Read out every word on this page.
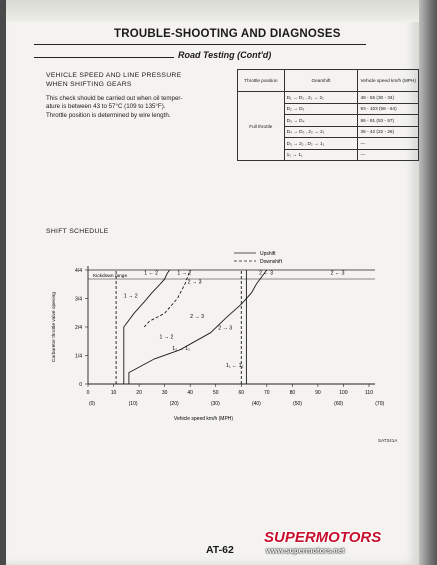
TROUBLE-SHOOTING AND DIAGNOSES
Road Testing (Cont'd)
VEHICLE SPEED AND LINE PRESSURE
WHEN SHIFTING GEARS
This check should be carried out when oil temper-
ature is between 43 to 57°C (109 to 135°F).
Throttle position is determined by wire length.
Throttle position	Gearshift	Vehicle speed km/h (MPH)
Full throttle	D₁ → D₂ , 2₁ → 2₂	48 - 55 (30 - 34)
	D₂ → D₃	93 - 103 (58 - 64)
	D₃ → D₄	86 - 91 (53 - 57)
	D₄ → D₃ , 2₂ → 2₁	36 - 42 (22 - 26)
	D₃ → 2₂ , D₂ → 1₁	—
	1₂ → 1₁	—
SHIFT SCHEDULE
Kickdown range
0	10	20	30	40	50	60	70	80	90	100	110
(0)	(10)	(20)	(30)	(40)	(50)	(60)	(70)
0
1/4
2/4
3/4
4/4
Vehicle speed km/h (MPH)
Carburetor throttle valve opening
Upshift
Downshift
1 → 2
2 → 3
1₂ → 1₁
1 → 2
2 ← 3
2 → 3
2 → 3
2 ← 3
1 ← 2	1 → 2
1₁ ← 1₂
SAT241A
AT-62
SUPERMOTORS
www.supermotors.net
